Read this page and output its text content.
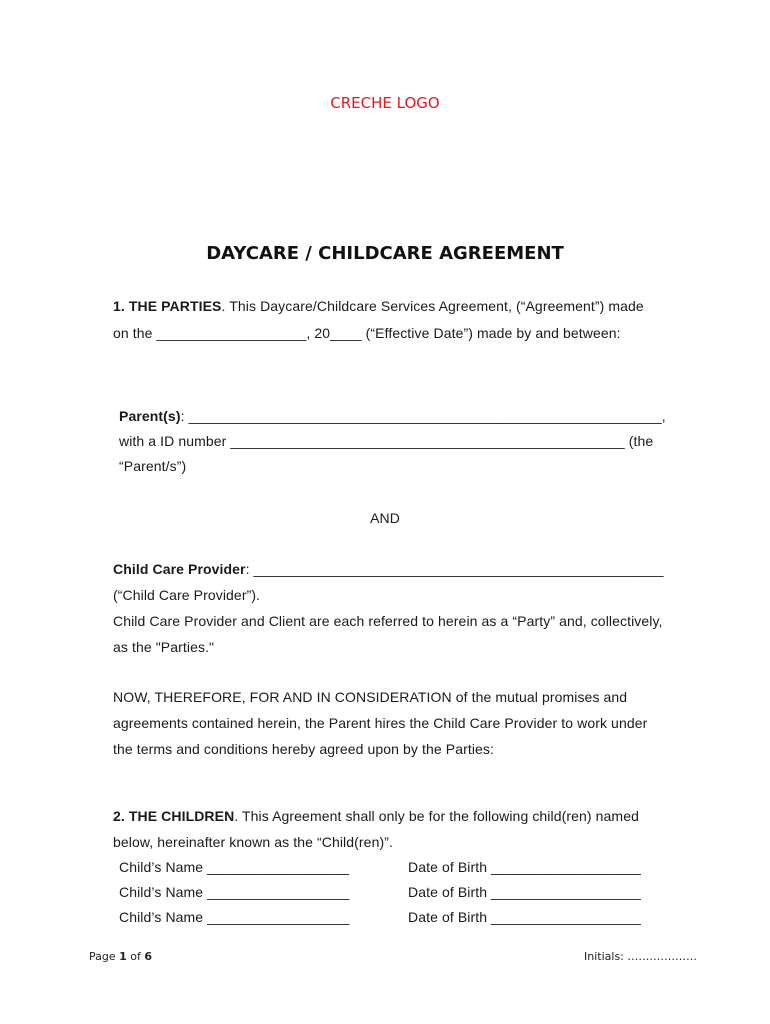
CRECHE LOGO
DAYCARE / CHILDCARE AGREEMENT
1. THE PARTIES. This Daycare/Childcare Services Agreement, (“Agreement”) made
on the ___________________, 20____ (“Effective Date”) made by and between:
Parent(s): ____________________________________________________________,
with a ID number __________________________________________________ (the
“Parent/s”)
AND
Child Care Provider: ____________________________________________________
(“Child Care Provider”).
Child Care Provider and Client are each referred to herein as a “Party” and, collectively,
as the "Parties."
NOW, THEREFORE, FOR AND IN CONSIDERATION of the mutual promises and
agreements contained herein, the Parent hires the Child Care Provider to work under
the terms and conditions hereby agreed upon by the Parties:
2. THE CHILDREN. This Agreement shall only be for the following child(ren) named
below, hereinafter known as the “Child(ren)”.
Child’s Name __________________	Date of Birth ___________________
Child’s Name __________________	Date of Birth ___________________
Child’s Name __________________	Date of Birth ___________________
Page 1 of 6	Initials: ……………….
